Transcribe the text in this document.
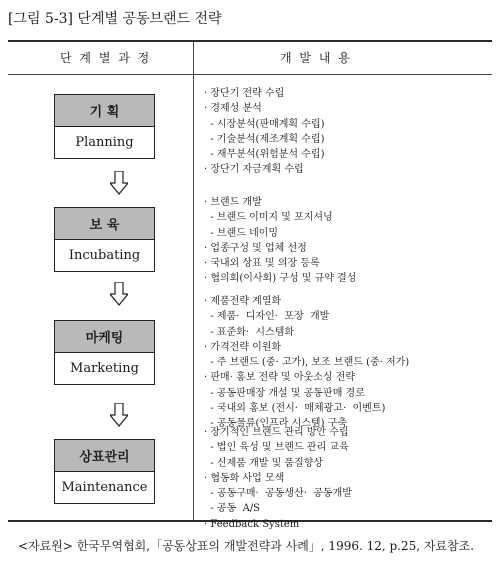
[그림 5-3] 단계별 공동브랜드 전략
단 계 별 과 정	개 발 내 용
기 획
Planning
보 육
Incubating
마케팅
Marketing
상표관리
Maintenance
· 장단기 전략 수립
· 경제성 분석
- 시장분석(판매계획 수립)
- 기술분석(제조계획 수립)
- 재무분석(위험분석 수립)
· 장단기 자금계획 수립
· 브랜드 개발
- 브랜드 이미지 및 포지셔닝
- 브랜드 네이밍
· 업종구성 및 업체 선정
· 국내외 상표 및 의장 등록
· 협의회(이사회) 구성 및 규약 결성
· 제품전략 계열화
- 제품·  디자인·  포장  개발
- 표준화·  시스템화
· 가격전략 이원화
- 주 브랜드 (중· 고가), 보조 브랜드 (중· 저가)
· 판매· 홍보 전략 및 아웃소싱 전략
- 공동판매장 개설 및 공동판매 경로
- 국내외 홍보 (전시·  매체광고·  이벤트)
- 공동물류(인프라 시스템) 구축
· 장기적인 브랜드 관리 방안 수립
- 법인 육성 및 브랜드 관리 교육
- 신제품 개발 및 품질향상
· 협동화 사업 모색
- 공동구매·  공동생산·  공동개발
- 공동  A/S
· Feedback System
<자료원> 한국무역협회,「공동상표의 개발전략과 사례」, 1996. 12, p.25, 자료참조.
